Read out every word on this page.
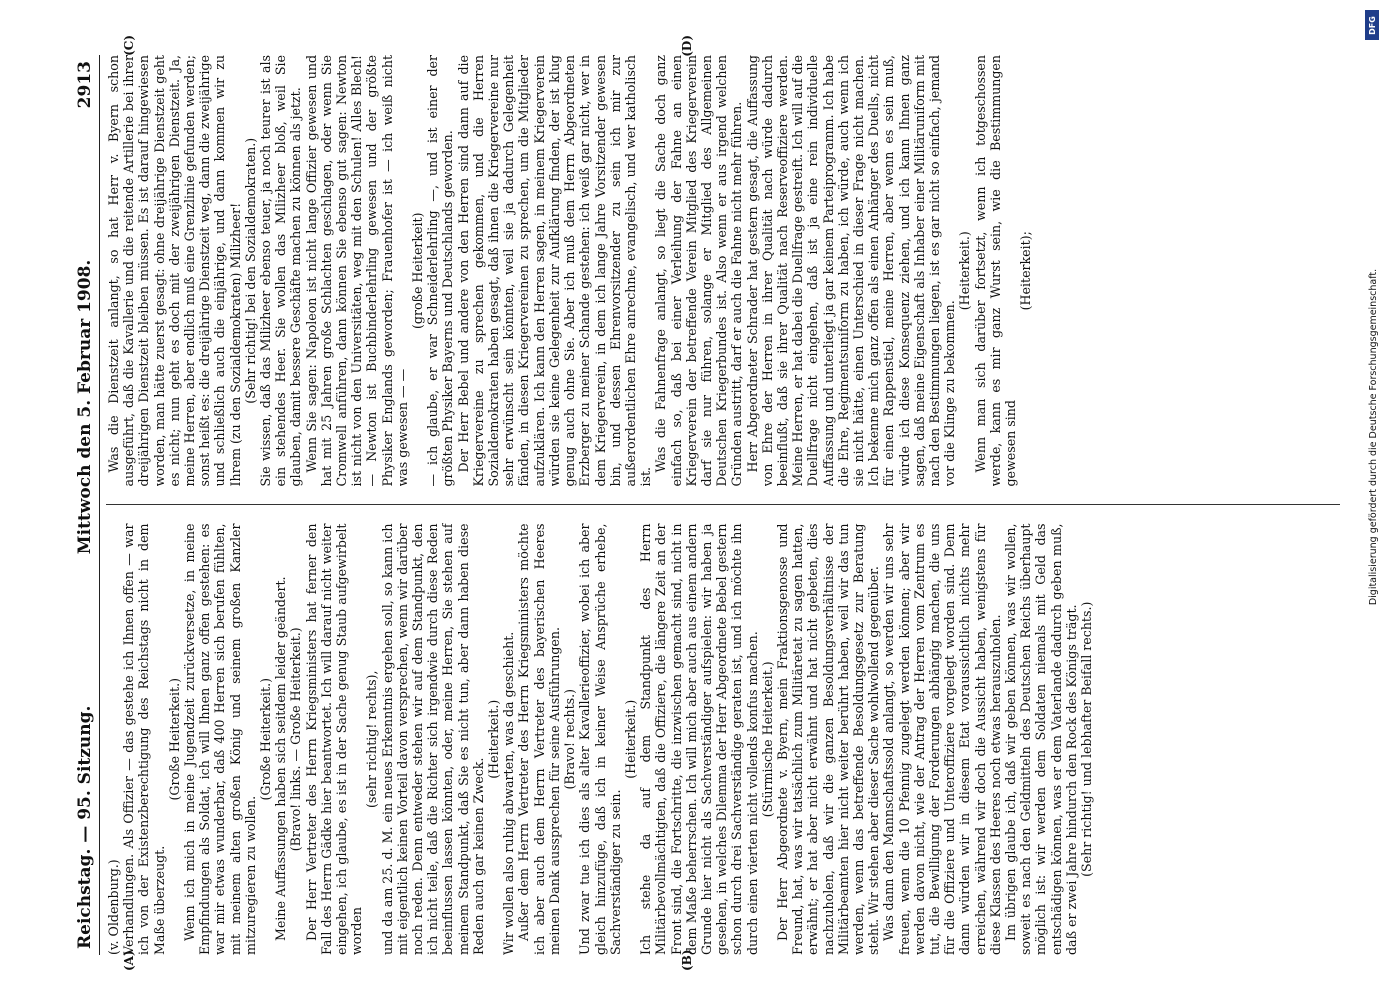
Reichstag. — 95. Sitzung.
Mittwoch den 5. Februar 1908.
2913

(v. Oldenburg.) Verhandlungen. Als Offizier — das gestehe ich Ihnen offen — war ich von der Existenzberechtigung des Reichstags nicht in dem Maße überzeugt.

(Große Heiterkeit.) Wenn ich mich in meine Jugendzeit zurückversetze, in meine Empfindungen als Soldat, ich will Ihnen ganz offen gestehen: es war mir etwas wunderbar, daß 400 Herren sich berufen fühlten, mit meinem alten großen König und seinem großen Kanzler mitzuregieren zu wollen.

(Große Heiterkeit.) Meine Auffassungen haben sich seitdem leider geändert. (Bravo! links. — Große Heiterkeit.) Der Herr Vertreter des Herrn Kriegsministers hat ferner den Fall des Herrn Gädke hier beantwortet. Ich will darauf nicht weiter eingehen, ich glaube, es ist in der Sache genug Staub aufgewirbelt worden

(sehr richtig! rechts), und da am 25. d. M. ein neues Erkenntnis ergehen soll, so kann ich mit eigentlich keinen Vorteil davon versprechen, wenn wir darüber noch reden. Denn entweder stehen wir auf dem Standpunkt, den ich nicht teile, daß die Richter sich irgendwie durch diese Reden beeinflussen lassen könnten, oder, meine Herren, Sie stehen auf meinem Standpunkt, daß Sie es nicht tun, aber dann haben diese Reden auch gar keinen Zweck.

(Heiterkeit.) Wir wollen also ruhig abwarten, was da geschieht. Außer dem Herrn Vertreter des Herrn Kriegsministers möchte ich aber auch dem Herrn Vertreter des bayerischen Heeres meinen Dank aussprechen für seine Ausführungen. (Bravo! rechts.) Und zwar tue ich dies als alter Kavallerieoffizier, wobei ich aber gleich hinzufüge, daß ich in keiner Weise Ansprüche erhebe, Sachverständiger zu sein.

(Heiterkeit.) Ich stehe da auf dem Standpunkt des Herrn Militärbevollmächtigten, daß die Offiziere, die längere Zeit an der Front sind, die Fortschritte, die inzwischen gemacht sind, nicht in dem Maße beherrschen. Ich will mich aber auch aus einem andern Grunde hier nicht als Sachverständiger aufspielen: wir haben ja gesehen, in welches Dilemma der Herr Abgeordnete Bebel gestern schon durch drei Sachverständige geraten ist, und ich möchte ihn durch einen vierten nicht vollends konfus machen. (Stürmische Heiterkeit.) Der Herr Abgeordnete v. Byern, mein Fraktionsgenosse und Freund, hat, was wir tatsächlich zum Militäretat zu sagen hatten, erwähnt; er hat aber nicht erwähnt und hat nicht gebeten, dies nachzuholen, daß wir die ganzen Besoldungsverhältnisse der Militärbeamten hier nicht weiter berührt haben, weil wir das tun werden, wenn das betreffende Besoldungsgesetz zur Beratung steht. Wir stehen aber dieser Sache wohlwollend gegenüber. Was dann den Mannschaftssold anlangt, so werden wir uns sehr freuen, wenn die 10 Pfennig zugelegt werden können; aber wir werden davon nicht, wie der Antrag der Herren vom Zentrum es tut, die Bewilligung der Forderungen abhängig machen, die uns für die Offiziere und Unteroffiziere vorgelegt worden sind. Denn dann würden wir in diesem Etat voraussichtlich nichts mehr erreichen, während wir doch die Aussicht haben, wenigstens für diese Klassen des Heeres noch etwas herauszuholen. Im übrigen glaube ich, daß wir geben können, was wir wollen, soweit es nach den Geldmitteln des Deutschen Reichs überhaupt möglich ist: wir werden dem Soldaten niemals mit Geld das entschädigen können, was er dem Vaterlande dadurch geben muß, daß er zwei Jahre hindurch den Rock des Königs trägt. (Sehr richtig! und lebhafter Beifall rechts.)

Was die Dienstzeit anlangt, so hat Herr v. Byern schon ausgeführt, daß die Kavallerie und die reitende Artillerie bei ihrer dreijährigen Dienstzeit bleiben müssen. Es ist darauf hingewiesen worden, man hätte zuerst gesagt: ohne dreijährige Dienstzeit geht es nicht; nun geht es doch mit der zweijährigen Dienstzeit. Ja, meine Herren, aber endlich muß eine Grenzlinie gefunden werden; sonst heißt es: die dreijährige Dienstzeit weg, dann die zweijährige und schließlich auch die einjährige, und dann kommen wir zu Ihrem (zu den Sozialdemokraten) Milizheer! (Sehr richtig! bei den Sozialdemokraten.) Sie wissen, daß das Milizheer ebenso teuer, ja noch teurer ist als ein stehendes Heer. Sie wollen das Milizheer bloß, weil Sie glauben, damit bessere Geschäfte machen zu können als jetzt. Wenn Sie sagen: Napoleon ist nicht lange Offizier gewesen und hat mit 25 Jahren große Schlachten geschlagen, oder wenn Sie Cromwell anführen, dann können Sie ebenso gut sagen: Newton ist nicht von den Universitäten, weg mit den Schulen! Alles Blech! — Newton ist Buchbinderlehrling gewesen und der größte Physiker Englands geworden; Frauenhofer ist — ich weiß nicht was gewesen — —

(große Heiterkeit) — ich glaube, er war Schneiderlehrling —, und ist einer der größten Physiker Bayerns und Deutschlands geworden. Der Herr Bebel und andere von den Herren sind dann auf die Kriegervereine zu sprechen gekommen, und die Herren Sozialdemokraten haben gesagt, daß ihnen die Kriegervereine nur sehr erwünscht sein könnten, weil sie ja dadurch Gelegenheit fänden, in diesen Kriegervereinen zu sprechen, um die Mitglieder aufzuklären. Ich kann den Herren sagen, in meinem Kriegerverein würden sie keine Gelegenheit zur Aufklärung finden, der ist klug genug auch ohne Sie. Aber ich muß dem Herrn Abgeordneten Erzberger zu meiner Schande gestehen: ich weiß gar nicht, wer in dem Kriegerverein, in dem ich lange Jahre Vorsitzender gewesen bin, und dessen Ehrenvorsitzender zu sein ich mir zur außerordentlichen Ehre anrechne, evangelisch, und wer katholisch ist.

Was die Fahnenfrage anlangt, so liegt die Sache doch ganz einfach so, daß bei einer Verleihung der Fahne an einen Kriegerverein der betreffende Verein Mitglied des Kriegerverein darf sie nur führen, solange er Mitglied des Allgemeinen Deutschen Kriegerbundes ist. Also wenn er aus irgend welchen Gründen austritt, darf er auch die Fahne nicht mehr führen. Herr Abgeordneter Schrader hat gestern gesagt, die Auffassung von Ehre der Herren in ihrer Qualität nach würde dadurch beeinflußt, daß sie ihrer Qualität nach Reserveoffiziere werden. Meine Herren, er hat dabei die Duellfrage gestreift. Ich will auf die Duellfrage nicht eingehen, daß ist ja eine rein individuelle Auffassung und unterliegt ja gar keinem Parteiprogramm. Ich habe die Ehre, Regimentsuniform zu haben, ich würde, auch wenn ich sie nicht hätte, einen Unterschied in dieser Frage nicht machen. Ich bekenne mich ganz offen als einen Anhänger des Duells, nicht für einen Rappenstiel, meine Herren, aber wenn es sein muß, würde ich diese Konsequenz ziehen, und ich kann Ihnen ganz sagen, daß meine Eigenschaft als Inhaber einer Militäruniform mit nach den Bestimmungen liegen, ist es gar nicht so einfach, jemand vor die Klinge zu bekommen.

(Heiterkeit.) Wenn man sich darüber fortsetzt, wenn ich totgeschossen werde, kann es mir ganz Wurst sein, wie die Bestimmungen gewesen sind

(Heiterkeit);

(A)	(B)
(C)	(D)
DFG
Digitalisierung gefördert durch die Deutsche Forschungsgemeinschaft.
